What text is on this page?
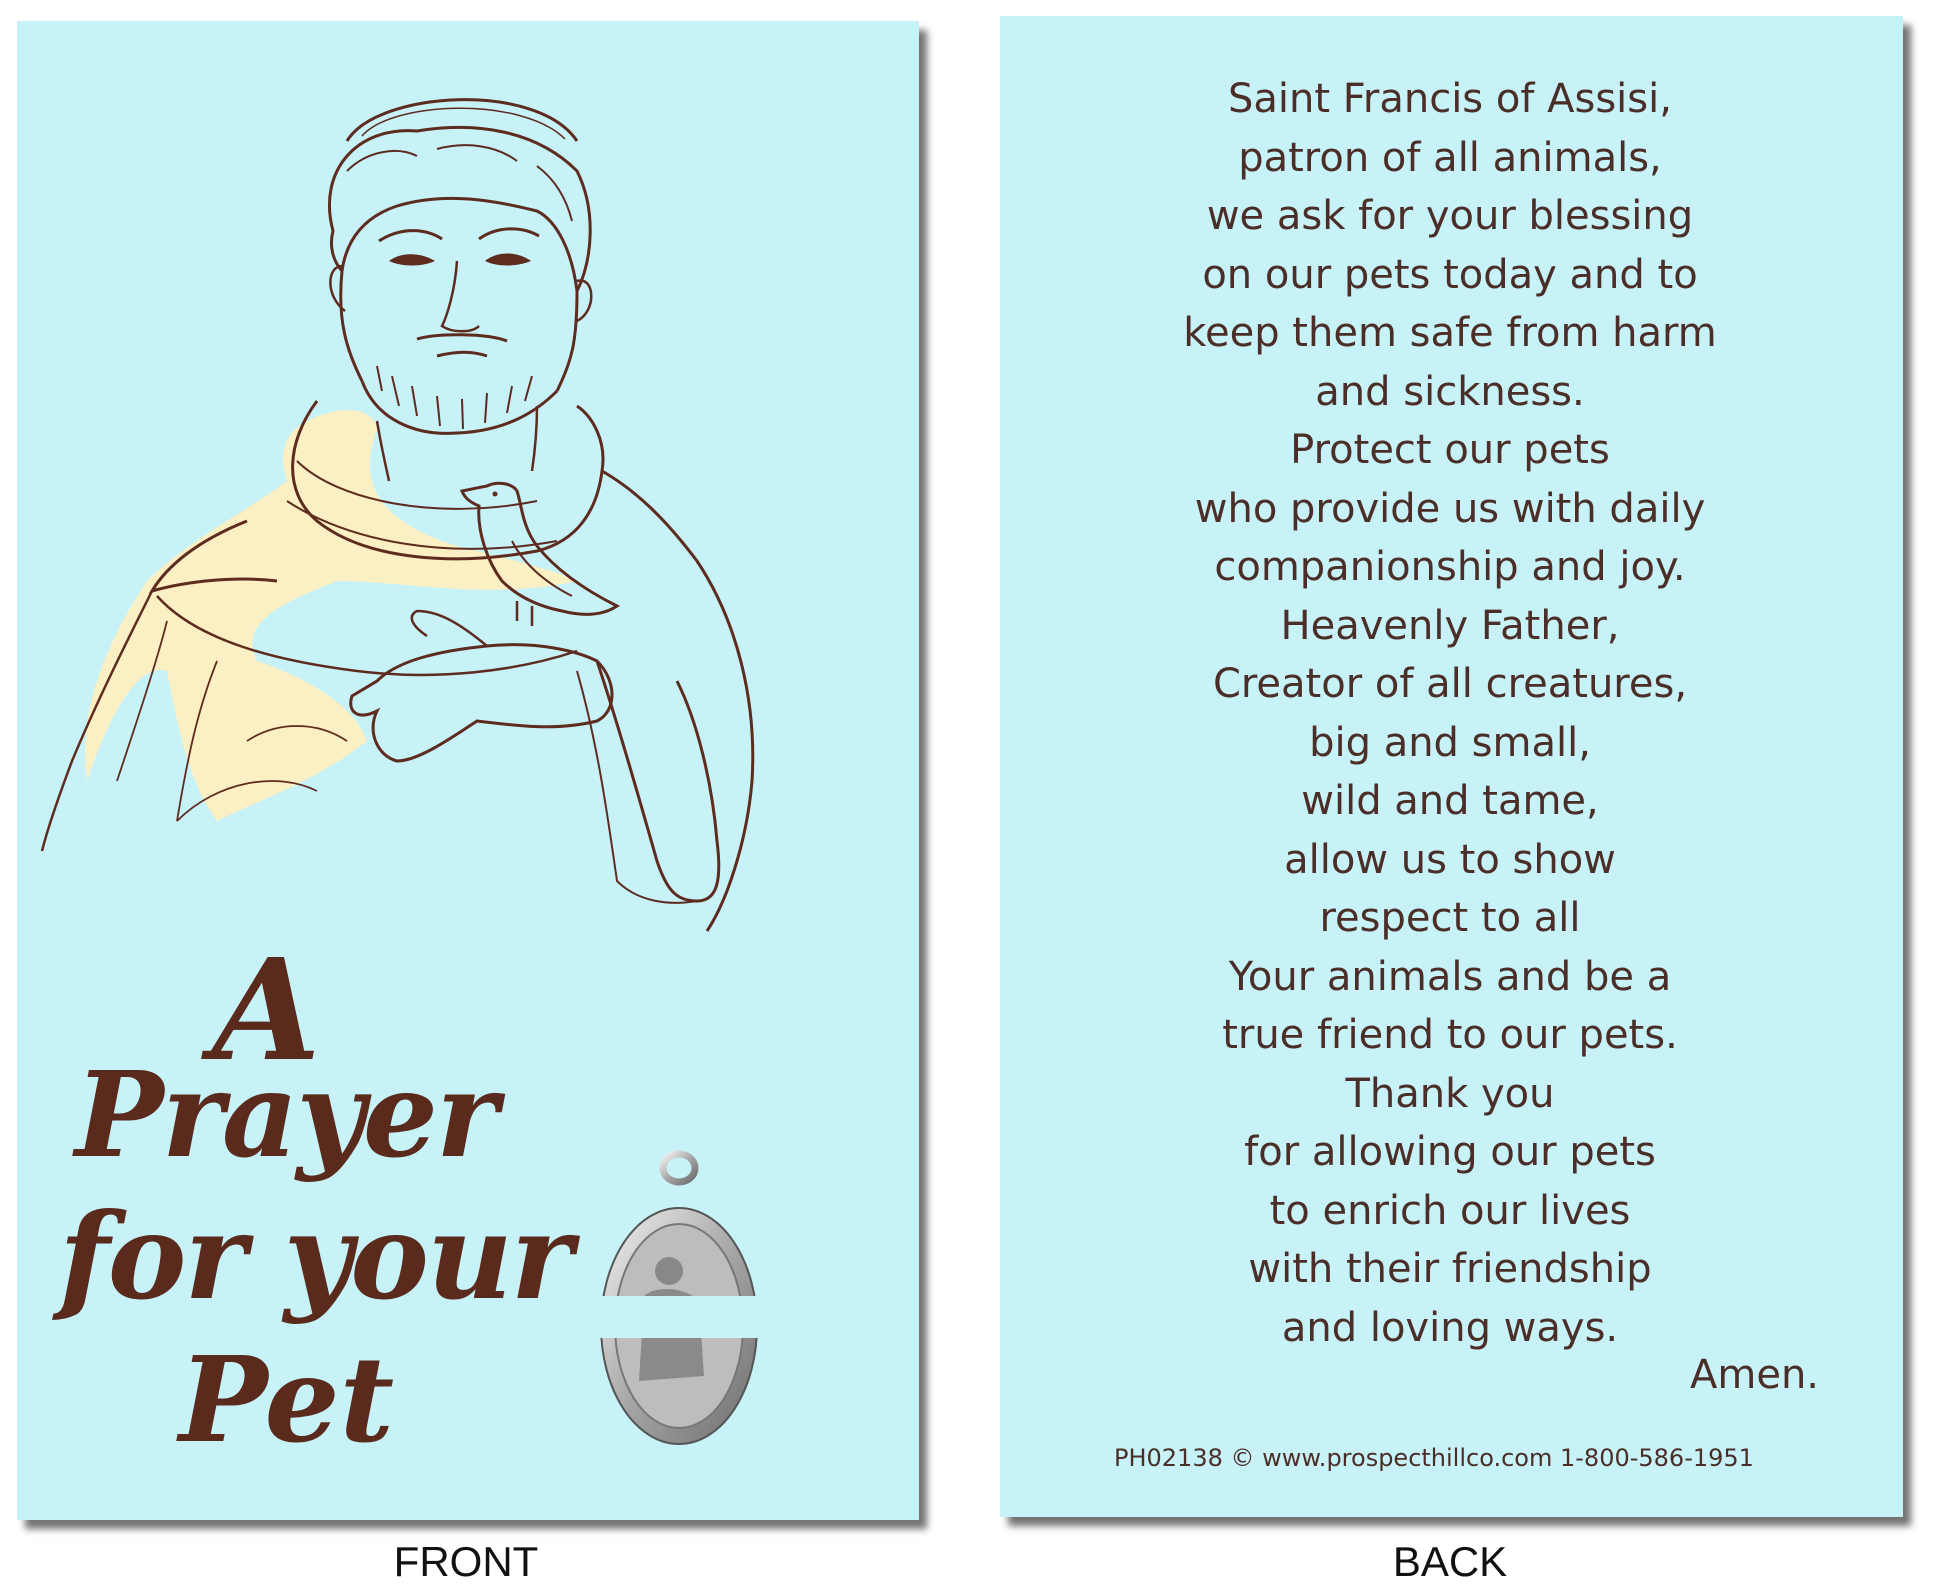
A
Prayer
for your
Pet
Saint Francis of Assisi,
patron of all animals,
we ask for your blessing
on our pets today and to
keep them safe from harm
and sickness.
Protect our pets
who provide us with daily
companionship and joy.
Heavenly Father,
Creator of all creatures,
big and small,
wild and tame,
allow us to show
respect to all
Your animals and be a
true friend to our pets.
Thank you
for allowing our pets
to enrich our lives
with their friendship
and loving ways.
Amen.
PH02138 © www.prospecthillco.com 1-800-586-1951
FRONT	BACK
